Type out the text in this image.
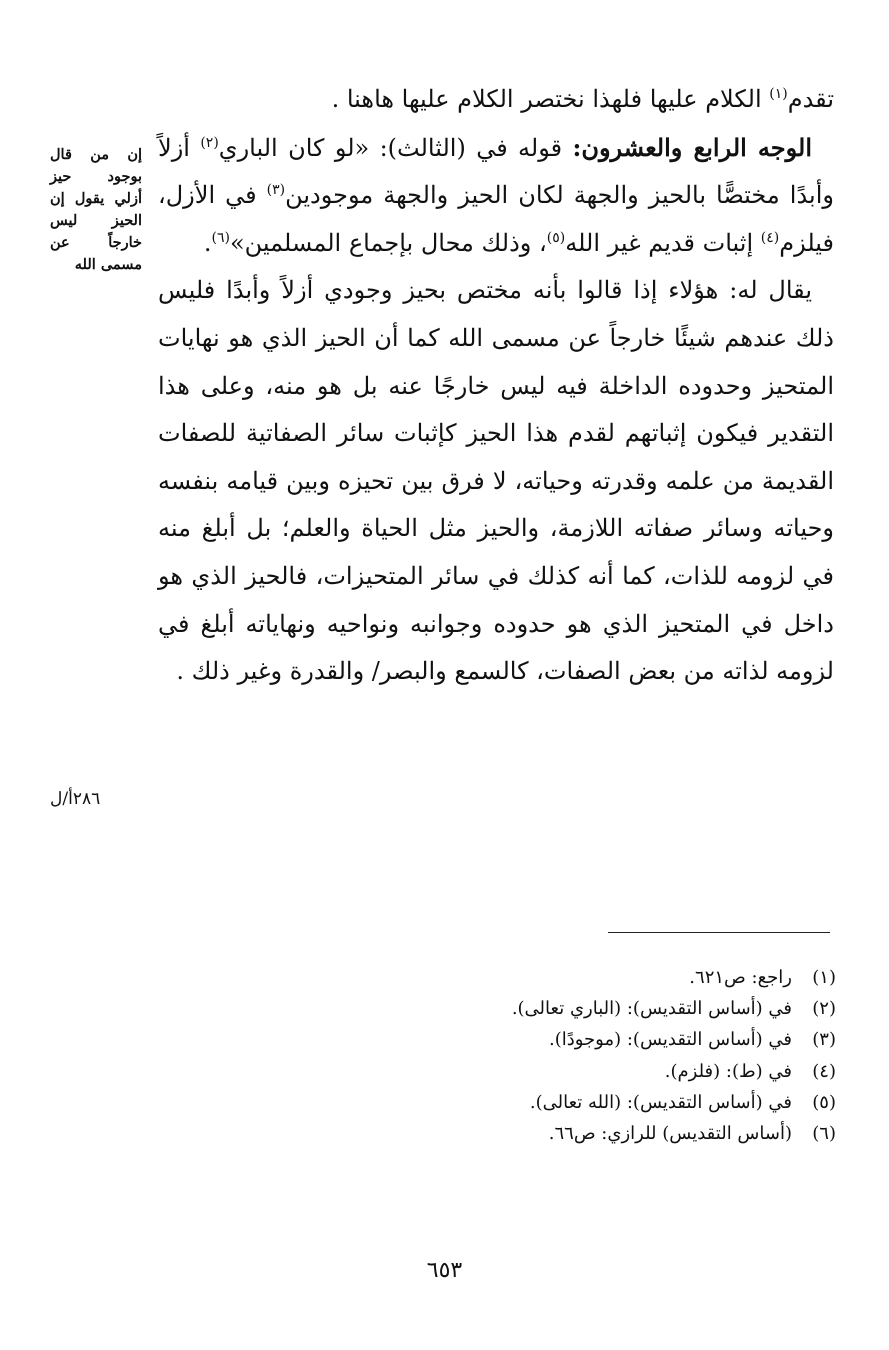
تقدم$^{(١)}$ الكلام عليها فلهذا نختصر الكلام عليها هاهنا .

الوجه الرابع والعشرون: قوله في (الثالث): «لو كان الباري$^{(٢)}$ أزلاً وأبدًا مختصًّا بالحيز والجهة لكان الحيز والجهة موجودين$^{(٣)}$ في الأزل، فيلزم$^{(٤)}$ إثبات قديم غير الله$^{(٥)}$، وذلك محال بإجماع المسلمين»$^{(٦)}$.

يقال له: هؤلاء إذا قالوا بأنه مختص بحيز وجودي أزلاً وأبدًا فليس ذلك عندهم شيئًا خارجاً عن مسمى الله كما أن الحيز الذي هو نهايات المتحيز وحدوده الداخلة فيه ليس خارجًا عنه بل هو منه، وعلى هذا التقدير فيكون إثباتهم لقدم هذا الحيز كإثبات سائر الصفاتية للصفات القديمة من علمه وقدرته وحياته، لا فرق بين تحيزه وبين قيامه بنفسه وحياته وسائر صفاته اللازمة، والحيز مثل الحياة والعلم؛ بل أبلغ منه في لزومه للذات، كما أنه كذلك في سائر المتحيزات، فالحيز الذي هو داخل في المتحيز الذي هو حدوده وجوانبه ونواحيه ونهاياته أبلغ في لزومه لذاته من بعض الصفات، كالسمع والبصر/ والقدرة وغير ذلك .

إن من قال بوجود حيز أزلي يقول إن الحيز ليس خارجاً عن مسمى الله
٢٨٦أ/ل
(١)راجع: ص٦٢١.
(٢)في (أساس التقديس): (الباري تعالى).
(٣)في (أساس التقديس): (موجودًا).
(٤)في (ط): (فلزم).
(٥)في (أساس التقديس): (الله تعالى).
(٦)(أساس التقديس) للرازي: ص٦٦.
٦٥٣
